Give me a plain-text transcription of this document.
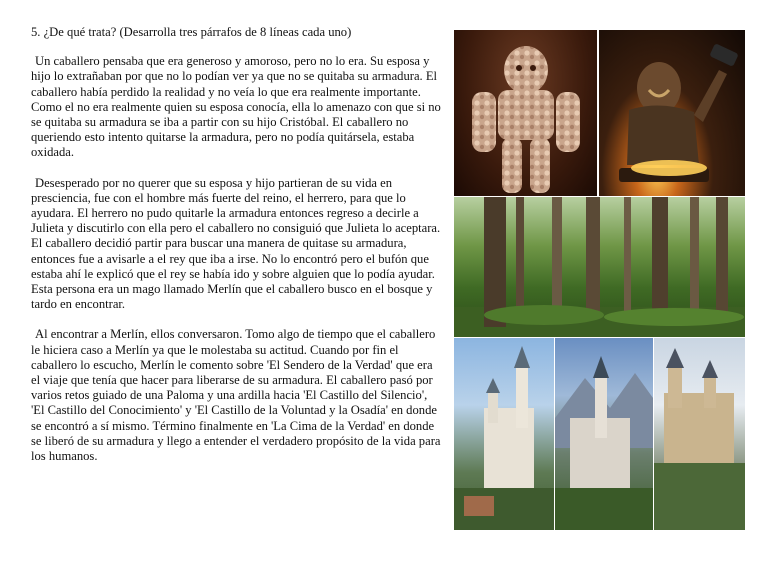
5. ¿De qué trata? (Desarrolla tres párrafos de 8 líneas cada uno)

Un caballero pensaba que era generoso y amoroso, pero no lo era. Su esposa y hijo lo extrañaban por que no lo podían ver ya que no se quitaba su armadura. El caballero había perdido la realidad y no veía lo que era realmente importante. Como el no era realmente quien su esposa conocía, ella lo amenazo con que si no se quitaba su armadura se iba a partir con su hijo Cristóbal. El caballero no queriendo esto intento quitarse la armadura, pero no podía quitársela, estaba oxidada.

Desesperado por no querer que su esposa y hijo partieran de su vida en presciencia, fue con el hombre más fuerte del reino, el herrero, para que lo ayudara. El herrero no pudo quitarle la armadura entonces regreso a decirle a Julieta y discutirlo con ella pero el caballero no consiguió que Julieta lo aceptara. El caballero decidió partir para buscar una manera de quitase su armadura, entonces fue a avisarle a el rey que iba a irse. No lo encontró pero el bufón que estaba ahí le explicó que el rey se había ido y sobre alguien que lo podía ayudar. Esta persona era un mago llamado Merlín que el caballero busco en el bosque y tardo en encontrar.

Al encontrar a Merlín, ellos conversaron. Tomo algo de tiempo que el caballero le hiciera caso a Merlín ya que le molestaba su actitud. Cuando por fin el caballero lo escucho, Merlín le comento sobre 'El Sendero de la Verdad' que era el viaje que tenía que hacer para liberarse de su armadura. El caballero pasó por varios retos guiado de una Paloma y una ardilla hacia 'El Castillo del Silencio', 'El Castillo del Conocimiento' y 'El Castillo de la Voluntad y la Osadía' en donde se encontró a sí mismo. Término finalmente en 'La Cima de la Verdad' en donde se liberó de su armadura y llego a entender el verdadero propósito de la vida para los humanos.
